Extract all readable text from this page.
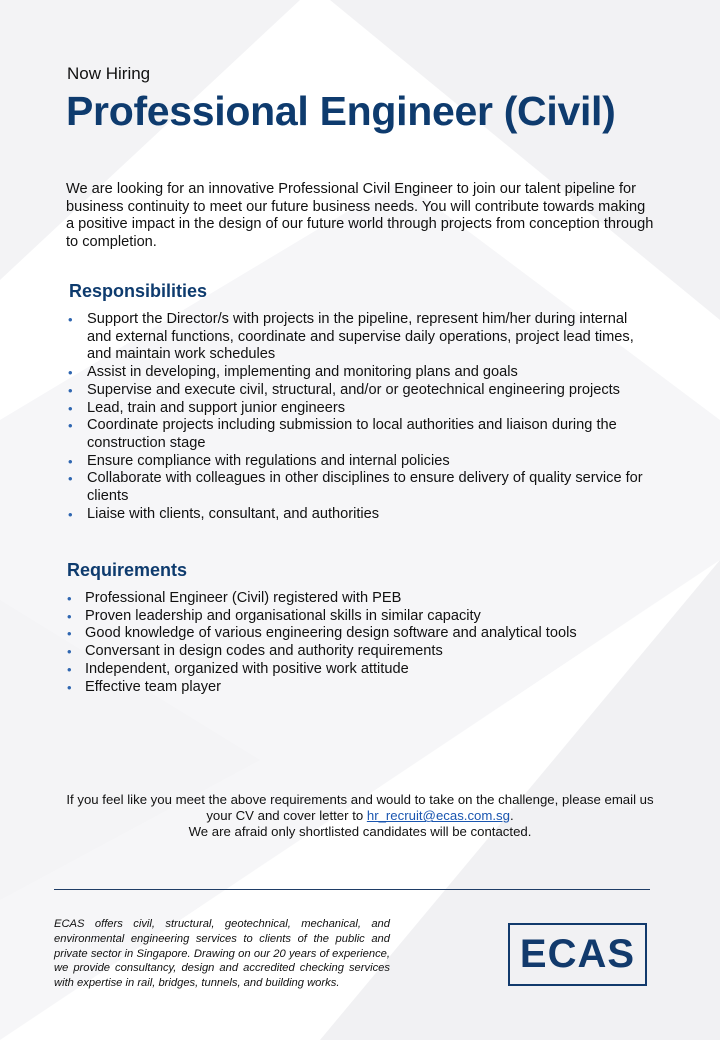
Now Hiring
Professional Engineer (Civil)
We are looking for an innovative Professional Civil Engineer to join our talent pipeline for business continuity to meet our future business needs. You will contribute towards making a positive impact in the design of our future world through projects from conception through to completion.
Responsibilities
• Support the Director/s with projects in the pipeline, represent him/her during internal and external functions, coordinate and supervise daily operations, project lead times, and maintain work schedules
• Assist in developing, implementing and monitoring plans and goals
• Supervise and execute civil, structural, and/or or geotechnical engineering projects
• Lead, train and support junior engineers
• Coordinate projects including submission to local authorities and liaison during the construction stage
• Ensure compliance with regulations and internal policies
• Collaborate with colleagues in other disciplines to ensure delivery of quality service for clients
• Liaise with clients, consultant, and authorities
Requirements
• Professional Engineer (Civil) registered with PEB
• Proven leadership and organisational skills in similar capacity
• Good knowledge of various engineering design software and analytical tools
• Conversant in design codes and authority requirements
• Independent, organized with positive work attitude
• Effective team player
If you feel like you meet the above requirements and would to take on the challenge, please email us your CV and cover letter to hr_recruit@ecas.com.sg.
We are afraid only shortlisted candidates will be contacted.
ECAS offers civil, structural, geotechnical, mechanical, and environmental engineering services to clients of the public and private sector in Singapore. Drawing on our 20 years of experience, we provide consultancy, design and accredited checking services with expertise in rail, bridges, tunnels, and building works.
ECAS
